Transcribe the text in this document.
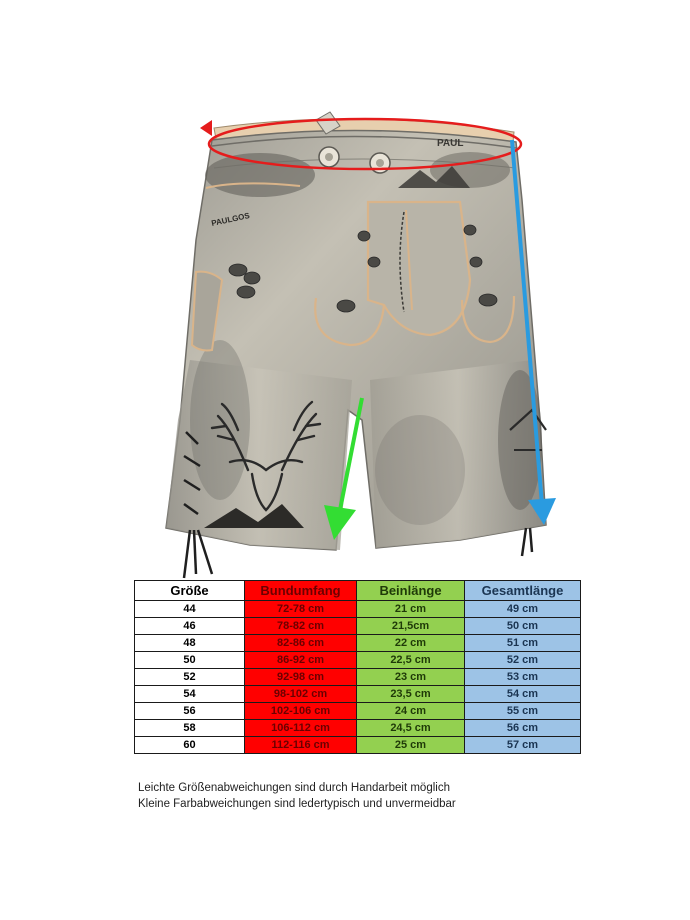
PAULGOS
PAUL
Größe	Bundumfang	Beinlänge	Gesamtlänge
44	72-78 cm	21 cm	49 cm
46	78-82 cm	21,5cm	50 cm
48	82-86 cm	22 cm	51 cm
50	86-92 cm	22,5 cm	52 cm
52	92-98 cm	23 cm	53 cm
54	98-102 cm	23,5 cm	54 cm
56	102-106 cm	24 cm	55 cm
58	106-112 cm	24,5 cm	56 cm
60	112-116 cm	25 cm	57 cm
Leichte Größenabweichungen sind durch Handarbeit möglich
Kleine Farbabweichungen sind ledertypisch und unvermeidbar
